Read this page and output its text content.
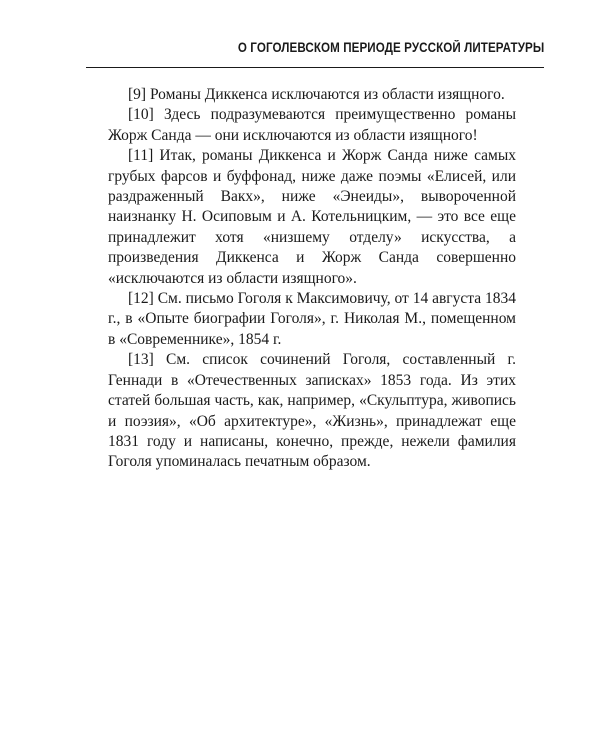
О ГОГОЛЕВСКОМ ПЕРИОДЕ РУССКОЙ ЛИТЕРАТУРЫ

[9] Романы Диккенса исключаются из области изящного.

[10] Здесь подразумеваются преимущественно романы Жорж Санда — они исключаются из области изящного!

[11] Итак, романы Диккенса и Жорж Санда ниже самых грубых фарсов и буффонад, ниже даже поэмы «Елисей, или раздраженный Вакх», ниже «Энеиды», вывороченной наизнанку Н. Осиповым и А. Котельницким, — это все еще принадлежит хотя «низшему отделу» искусства, а произведения Диккенса и Жорж Санда совершенно «исключаются из области изящного».

[12] См. письмо Гоголя к Максимовичу, от 14 августа 1834 г., в «Опыте биографии Гоголя», г. Николая М., помещенном в «Современнике», 1854 г.

[13] См. список сочинений Гоголя, составленный г. Геннади в «Отечественных записках» 1853 года. Из этих статей большая часть, как, например, «Скульптура, живопись и поэзия», «Об архитектуре», «Жизнь», принадлежат еще 1831 году и написаны, конечно, прежде, нежели фамилия Гоголя упоминалась печатным образом.
